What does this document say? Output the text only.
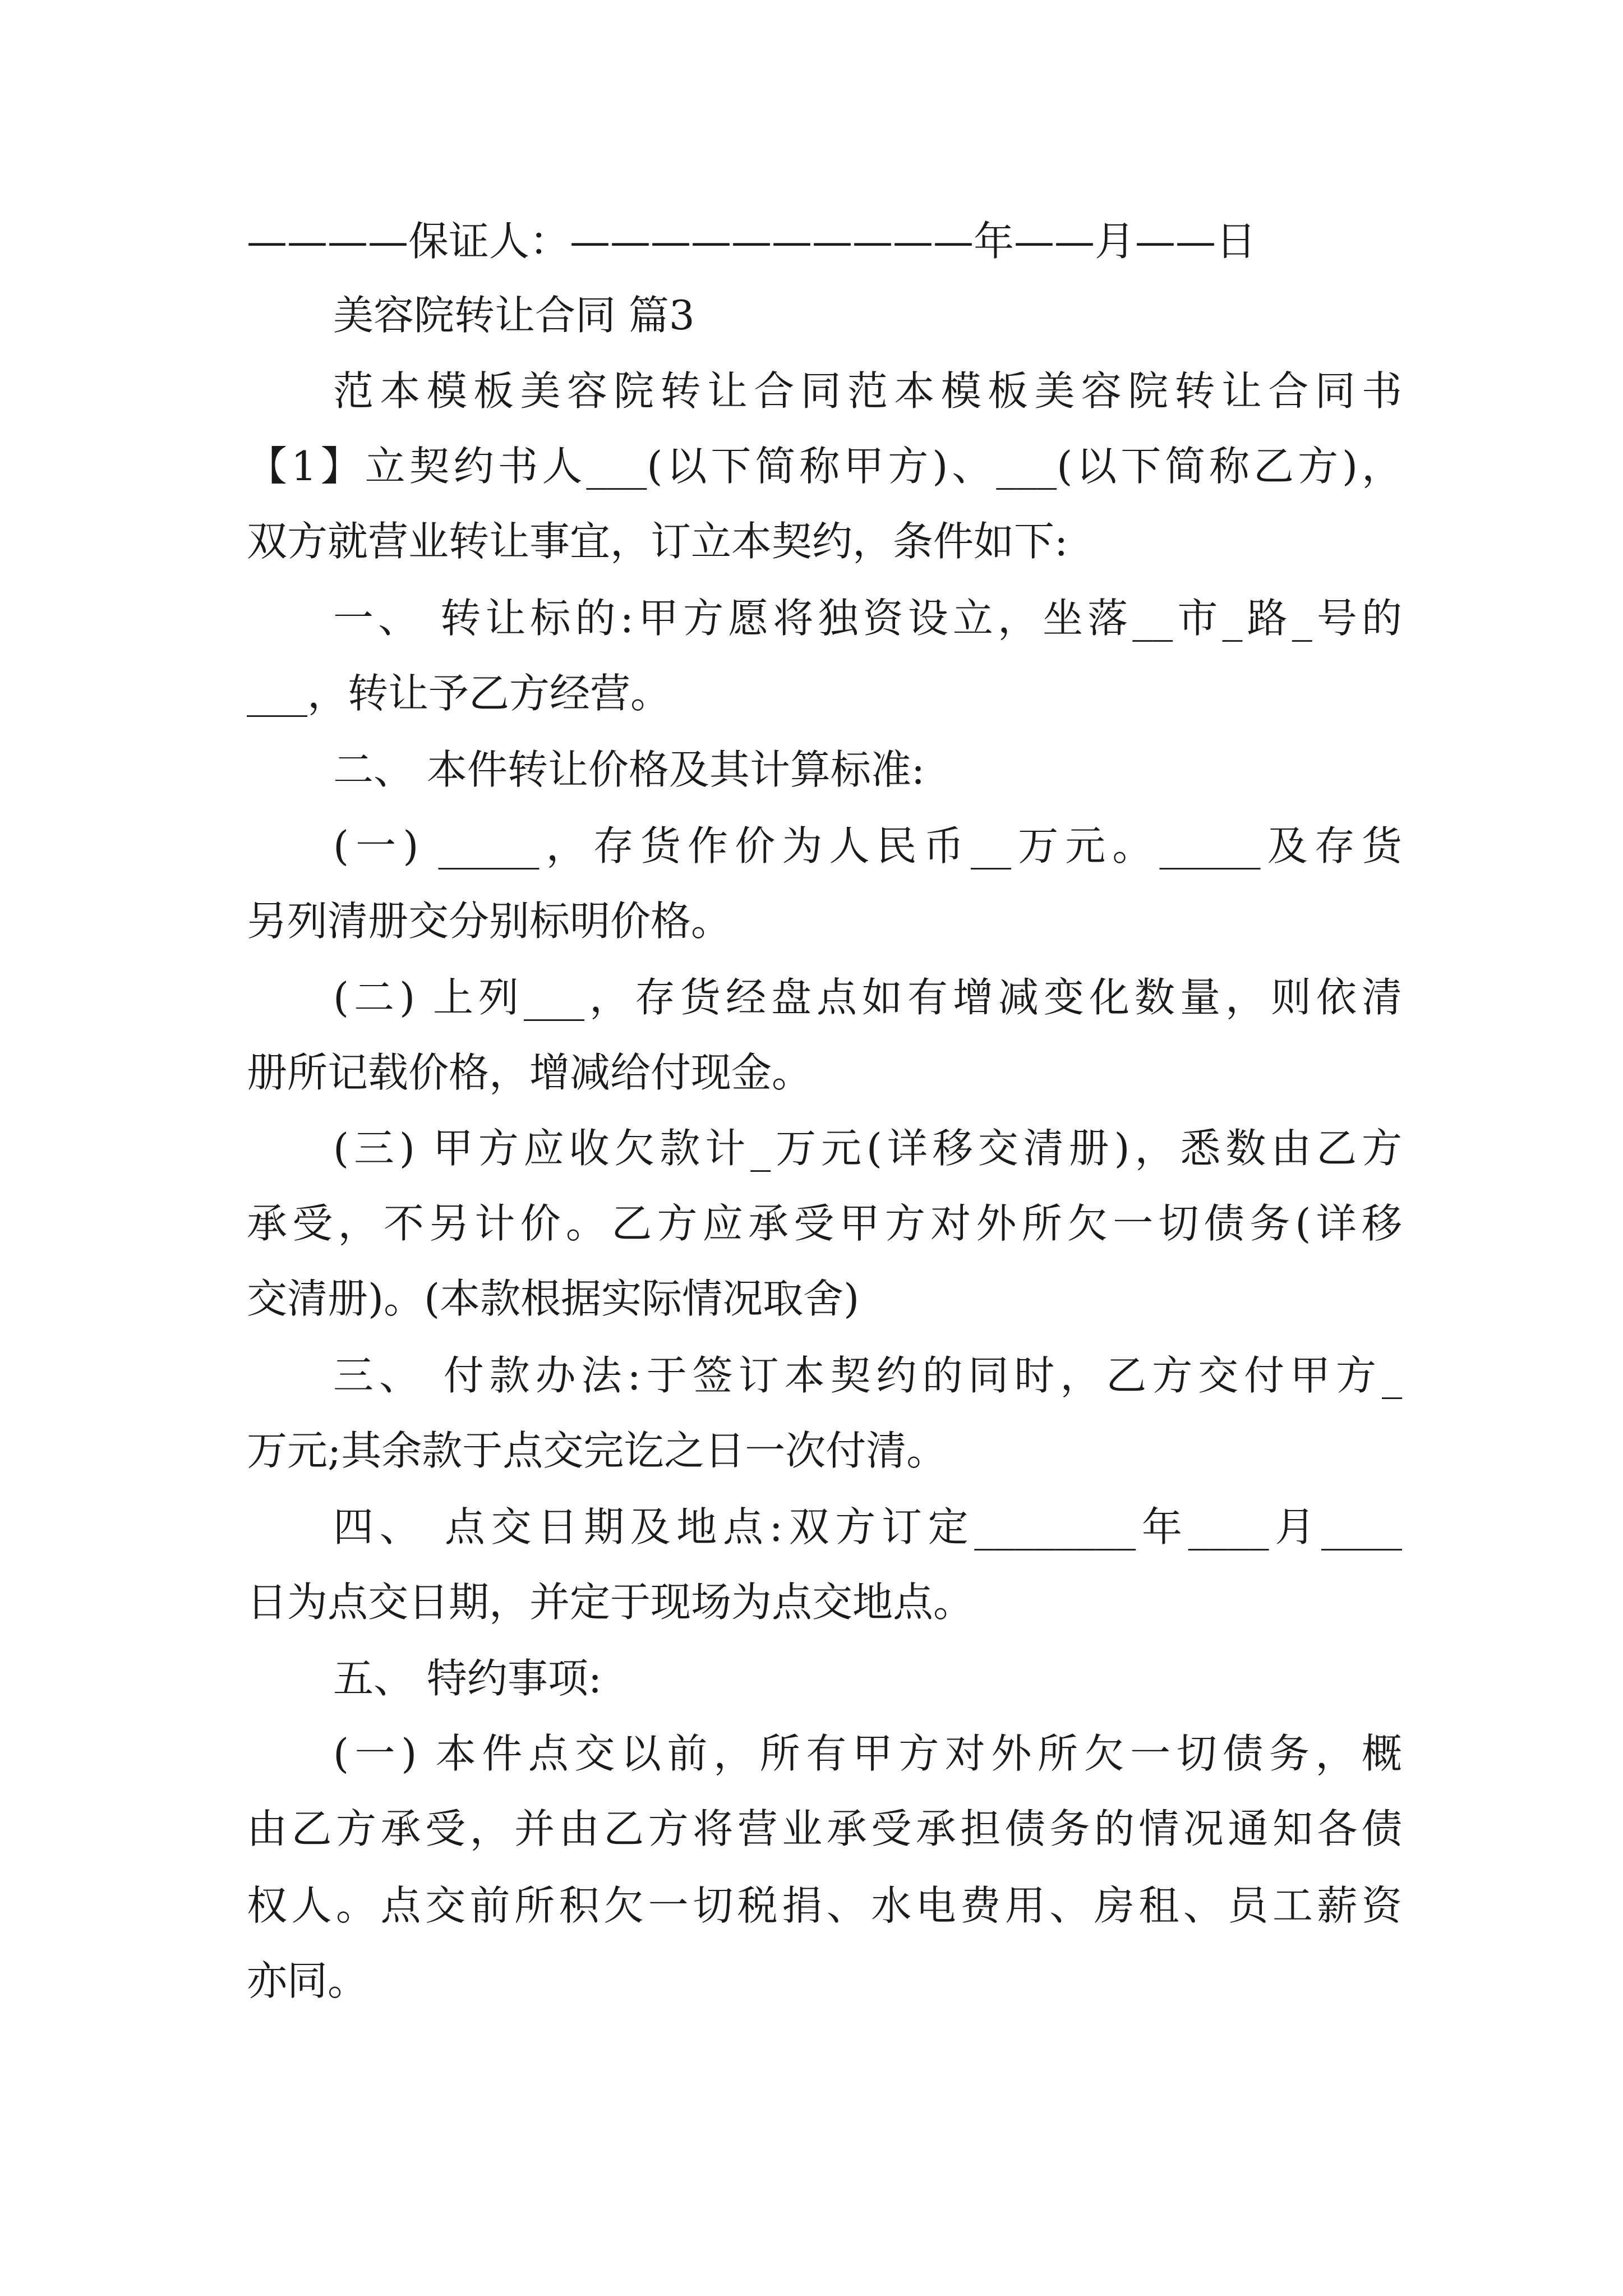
————保证人：——————————年——月——日
美容院转让合同 篇3
范本模板美容院转让合同范本模板美容院转让合同书
【1】立契约书人___(以下简称甲方)、___(以下简称乙方)，
双方就营业转让事宜，订立本契约，条件如下:
一、 转让标的:甲方愿将独资设立，坐落__市_路_号的
___，转让予乙方经营。
二、 本件转让价格及其计算标准:
(一) _____，存货作价为人民币__万元。_____及存货
另列清册交分别标明价格。
(二) 上列___，存货经盘点如有增减变化数量，则依清
册所记载价格，增减给付现金。
(三) 甲方应收欠款计_万元(详移交清册)，悉数由乙方
承受，不另计价。乙方应承受甲方对外所欠一切债务(详移
交清册)。(本款根据实际情况取舍)
三、 付款办法:于签订本契约的同时，乙方交付甲方_
万元;其余款于点交完讫之日一次付清。
四、 点交日期及地点:双方订定________年____月____
日为点交日期，并定于现场为点交地点。
五、 特约事项:
(一) 本件点交以前，所有甲方对外所欠一切债务，概
由乙方承受，并由乙方将营业承受承担债务的情况通知各债
权人。点交前所积欠一切税捐、水电费用、房租、员工薪资
亦同。
